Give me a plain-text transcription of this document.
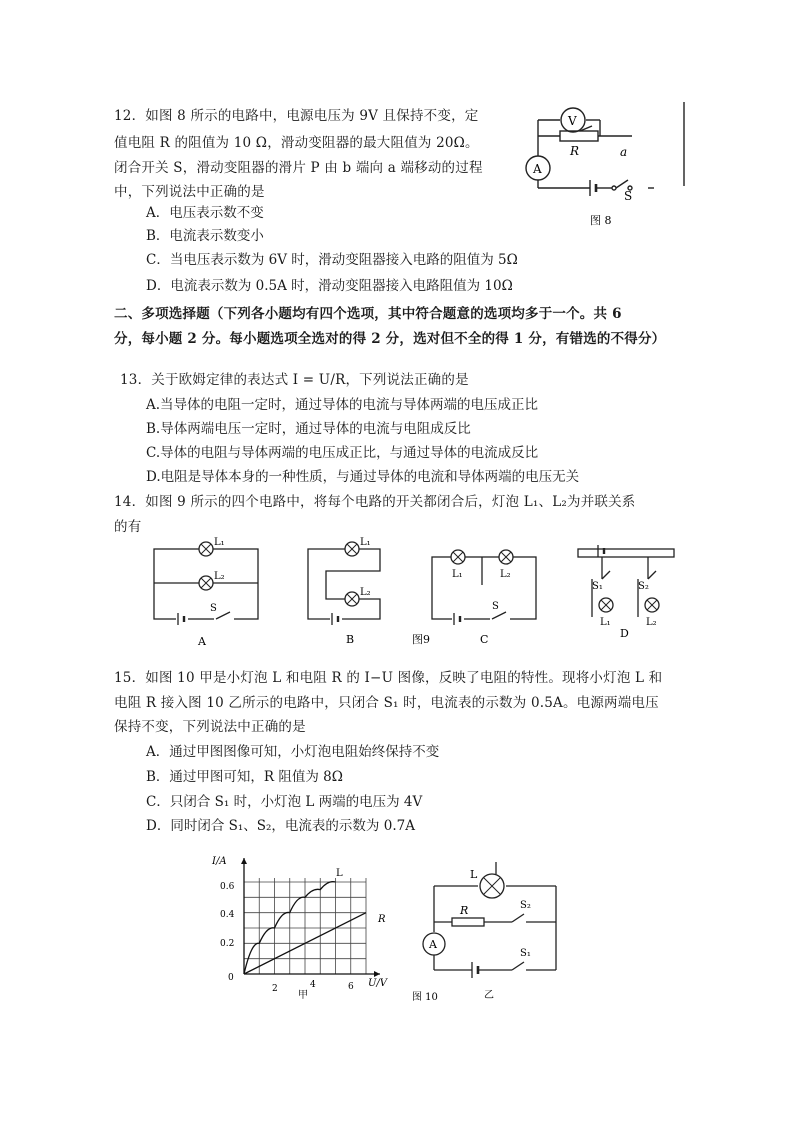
12．如图 8 所示的电路中，电源电压为 9V 且保持不变，定
值电阻 R 的阻值为 10 Ω，滑动变阻器的最大阻值为 20Ω。
闭合开关 S，滑动变阻器的滑片 P 由 b 端向 a 端移动的过程
中，下列说法中正确的是
A．电压表示数不变
B．电流表示数变小
C．当电压表示数为 6V 时，滑动变阻器接入电路的阻值为 5Ω
D．电流表示数为 0.5A 时，滑动变阻器接入电路阻值为 10Ω
V
R	a
A
S
图 8
二、多项选择题（下列各小题均有四个选项，其中符合题意的选项均多于一个。共 6
分，每小题 2 分。每小题选项全选对的得 2 分，选对但不全的得 1 分，有错选的不得分）
13．关于欧姆定律的表达式 I = U/R，下列说法正确的是
A.当导体的电阻一定时，通过导体的电流与导体两端的电压成正比
B.导体两端电压一定时，通过导体的电流与电阻成反比
C.导体的电阻与导体两端的电压成正比，与通过导体的电流成反比
D.电阻是导体本身的一种性质，与通过导体的电流和导体两端的电压无关
14．如图 9 所示的四个电路中，将每个电路的开关都闭合后，灯泡 L₁、L₂为并联关系
的有
L₁
L₂
S
L₁
L₂
L₁	L₂
S
S₁	S₂
L₁	L₂
A	B	图9	C	D
15．如图 10 甲是小灯泡 L 和电阻 R 的 I−U 图像，反映了电阻的特性。现将小灯泡 L 和
电阻 R 接入图 10 乙所示的电路中，只闭合 S₁ 时，电流表的示数为 0.5A。电源两端电压
保持不变，下列说法中正确的是
A．通过甲图图像可知，小灯泡电阻始终保持不变
B．通过甲图可知，R 阻值为 8Ω
C．只闭合 S₁ 时，小灯泡 L 两端的电压为 4V
D．同时闭合 S₁、S₂，电流表的示数为 0.7A
I/A
U/V
0
0.2
0.4
0.6
2	4	6
L
R
甲
L
R	S₂
A
S₁
图 10	乙
